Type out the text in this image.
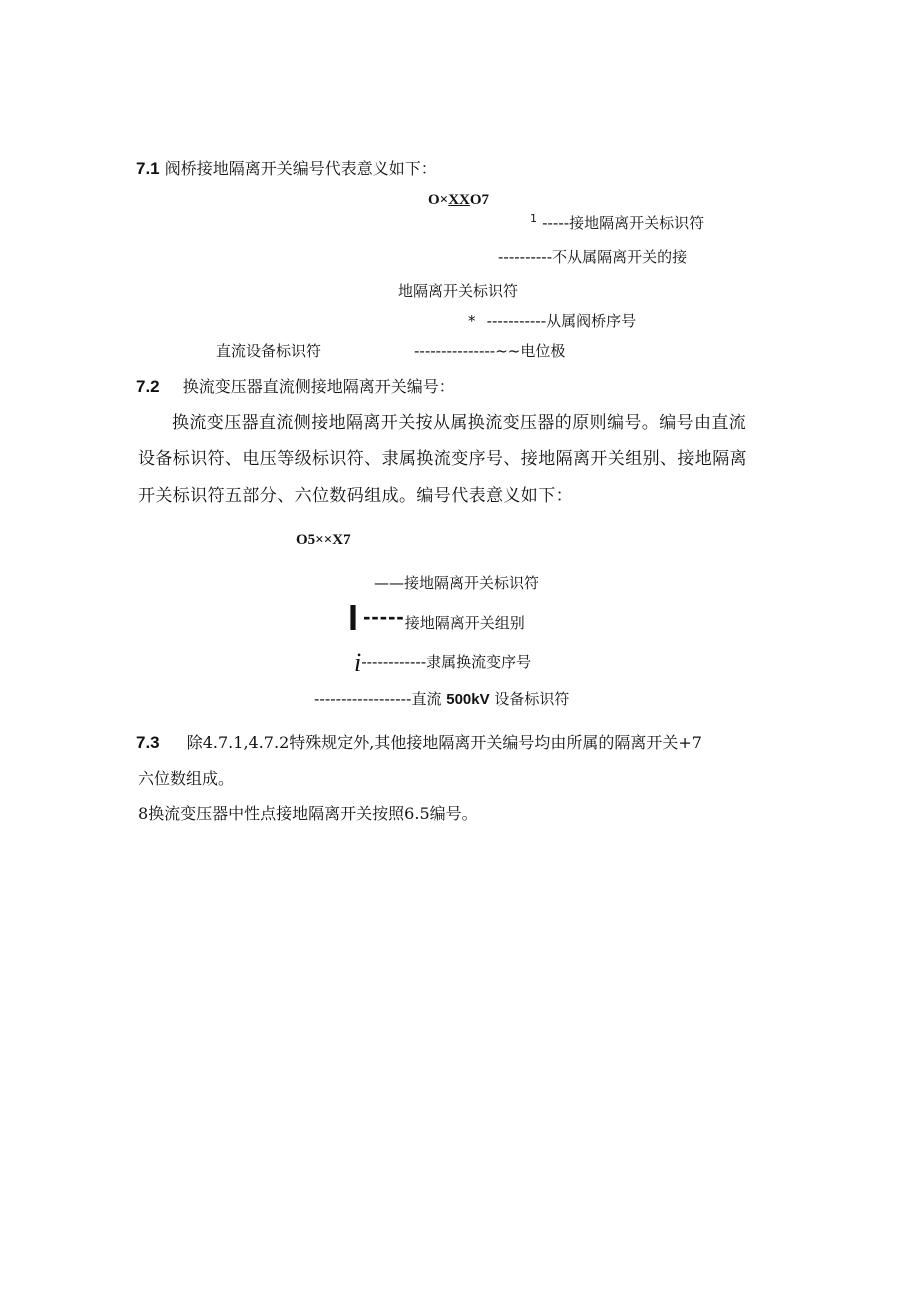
7.1 阀桥接地隔离开关编号代表意义如下：
O×XXO7
$^1$ -----接地隔离开关标识符
----------不从属隔离开关的接
地隔离开关标识符
* -----------从属阀桥序号
直流设备标识符	---------------~~电位极
7.2 换流变压器直流侧接地隔离开关编号：
换流变压器直流侧接地隔离开关按从属换流变压器的原则编号。编号由直流
设备标识符、电压等级标识符、隶属换流变序号、接地隔离开关组别、接地隔离
开关标识符五部分、六位数码组成。编号代表意义如下：
O5××X7
——接地隔离开关标识符
I -----接地隔离开关组别
i------------隶属换流变序号
------------------直流 500kV 设备标识符
7.3 除4.7.1,4.7.2特殊规定外,其他接地隔离开关编号均由所属的隔离开关+7
六位数组成。
8换流变压器中性点接地隔离开关按照6.5编号。
